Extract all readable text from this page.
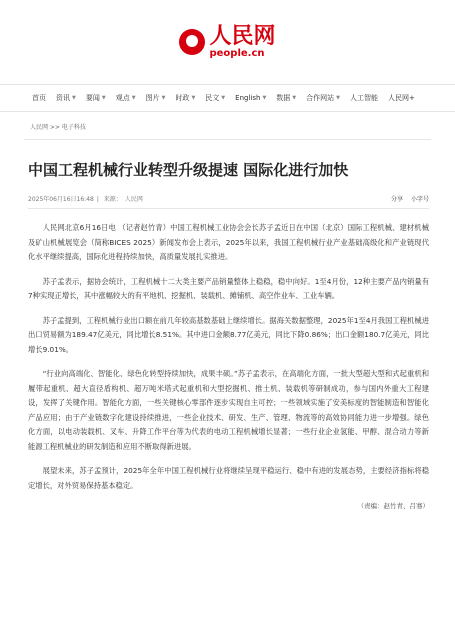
人民网
people.cn
首页 资讯 ▼ 要闻 ▼ 观点 ▼ 图片 ▼ 时政 ▼ 民文 ▼ English ▼ 数据 ▼ 合作网站 ▼ 人工智能 人民网+
人民网 >> 电子科技
中国工程机械行业转型升级提速 国际化进行加快
2025年06月16日16:48 | 来源： 人民网	分享 小字号

人民网北京6月16日电 （记者赵竹青）中国工程机械工业协会会长苏子孟近日在中国（北京）国际工程机械、建材机械及矿山机械展览会（简称BICES 2025）新闻发布会上表示，2025年以来，我国工程机械行业产业基础高级化和产业链现代化水平继续提高，国际化进程持续加快，高质量发展扎实推进。

苏子孟表示，据协会统计，工程机械十二大类主要产品销量整体上稳稳，稳中向好。1至4月份，12种主要产品内销量有7种实现正增长，其中涨幅较大的有平地机、挖掘机、装载机、摊铺机、高空作业车、工业车辆。

苏子孟提到，工程机械行业出口额在前几年较高基数基础上继续增长。据海关数据整理，2025年1至4月我国工程机械进出口贸易额为189.47亿美元，同比增长8.51%。其中进口金额8.77亿美元，同比下降0.86%；出口金额180.7亿美元，同比增长9.01%。

“行业向高端化、智能化、绿色化转型持续加快，成果丰硕。”苏子孟表示，在高端化方面，一批大型超大型和式起重机和履带起重机、超大直径盾构机、超万吨米塔式起重机和大型挖掘机、推土机、装载机等研制成功，参与国内外重大工程建设，发挥了关键作用。智能化方面，一些关键核心零部件逐步实现自主可控；一些领域实施了安美标度的智能制造和智能化产品应用；由于产业链数字化建设持续推进，一些企业技术、研发、生产、管理、物流等的高效协同能力进一步增强。绿色化方面，以电动装载机、叉车、升降工作平台等为代表的电动工程机械增长显著；一些行业企业氢能、甲醇、混合动力等新能源工程机械业的研发制造和应用不断取得新进展。

展望未来，苏子孟预计，2025年全年中国工程机械行业将继续呈现平稳运行、稳中有进的发展态势，主要经济指标将稳定增长，对外贸易保持基本稳定。

（责编：赵竹青、吕骞）
